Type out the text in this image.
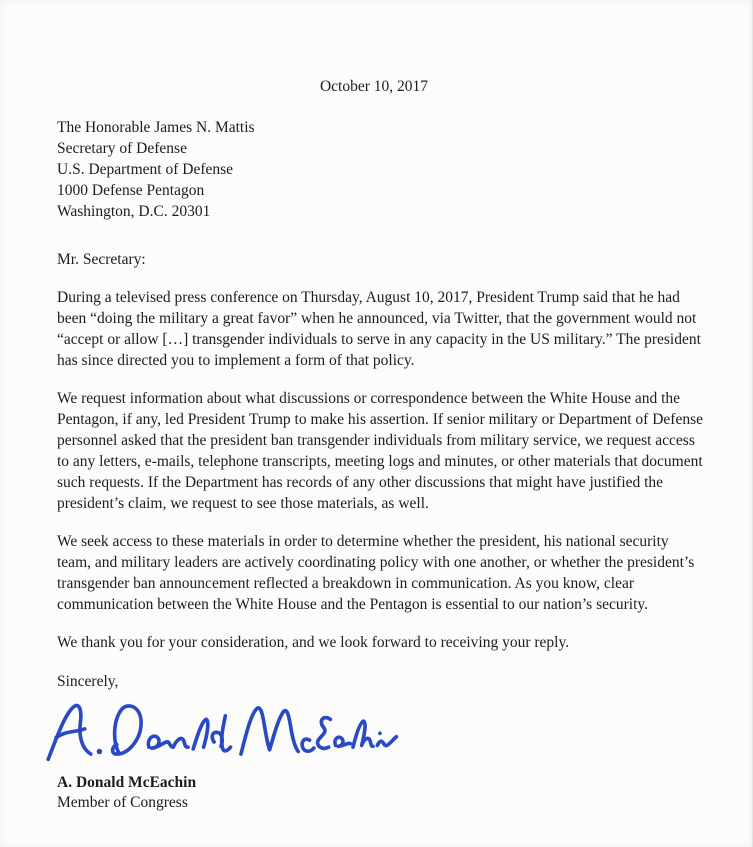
October 10, 2017
The Honorable James N. Mattis
Secretary of Defense
U.S. Department of Defense
1000 Defense Pentagon
Washington, D.C. 20301
Mr. Secretary:

During a televised press conference on Thursday, August 10, 2017, President Trump said that he had been “doing the military a great favor” when he announced, via Twitter, that the government would not “accept or allow […] transgender individuals to serve in any capacity in the US military.” The president has since directed you to implement a form of that policy.

We request information about what discussions or correspondence between the White House and the Pentagon, if any, led President Trump to make his assertion. If senior military or Department of Defense personnel asked that the president ban transgender individuals from military service, we request access to any letters, e-mails, telephone transcripts, meeting logs and minutes, or other materials that document such requests. If the Department has records of any other discussions that might have justified the president’s claim, we request to see those materials, as well.

We seek access to these materials in order to determine whether the president, his national security team, and military leaders are actively coordinating policy with one another, or whether the president’s transgender ban announcement reflected a breakdown in communication. As you know, clear communication between the White House and the Pentagon is essential to our nation’s security.

We thank you for your consideration, and we look forward to receiving your reply.

Sincerely,
A. Donald McEachin
Member of Congress
